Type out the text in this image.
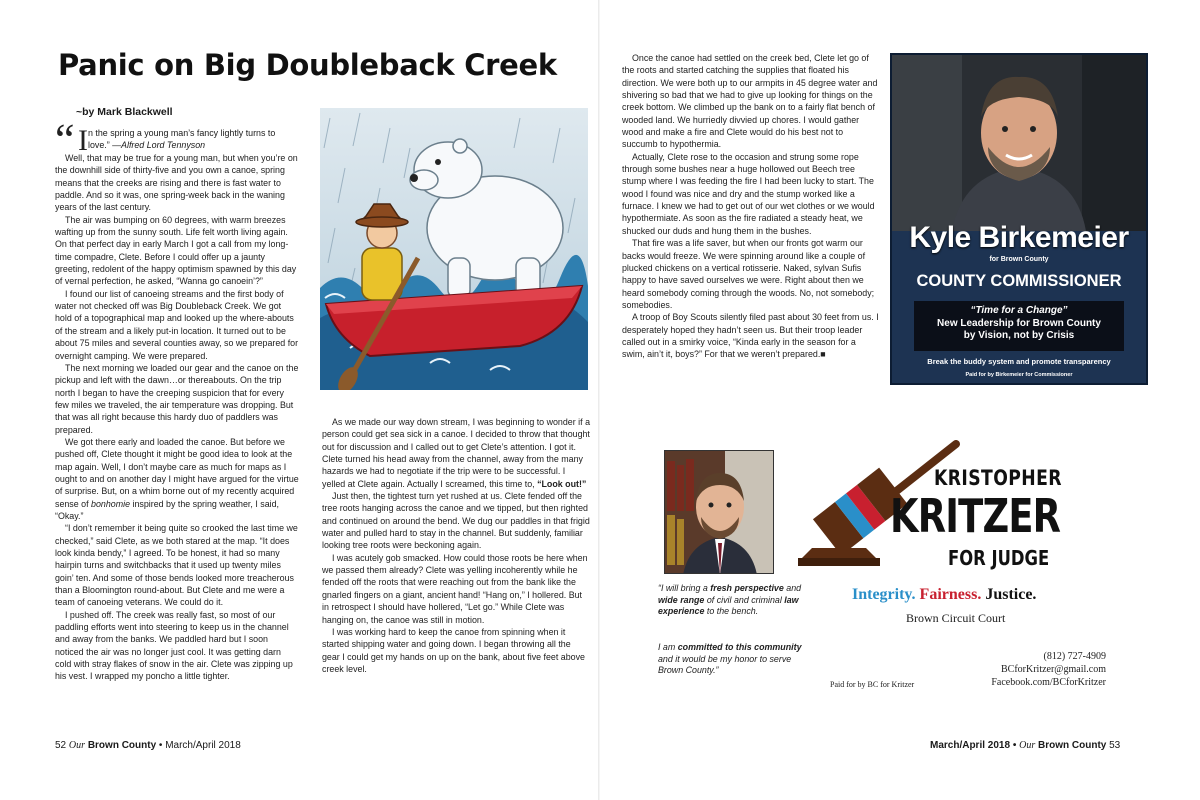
Panic on Big Doubleback Creek
~by Mark Blackwell
“ I n the spring a young man’s fancy lightly turns to love.” —Alfred Lord Tennyson

Well, that may be true for a young man, but when you’re on the downhill side of thirty-five and you own a canoe, spring means that the creeks are rising and there is fast water to paddle. And so it was, one spring-week back in the waning years of the last century.

The air was bumping on 60 degrees, with warm breezes wafting up from the sunny south. Life felt worth living again. On that perfect day in early March I got a call from my long-time compadre, Clete. Before I could offer up a jaunty greeting, redolent of the happy optimism spawned by this day of vernal perfection, he asked, “Wanna go canoein’?”

I found our list of canoeing streams and the first body of water not checked off was Big Doubleback Creek. We got hold of a topographical map and looked up the where-abouts of the stream and a likely put-in location. It turned out to be about 75 miles and several counties away, so we prepared for overnight camping. We were prepared.

The next morning we loaded our gear and the canoe on the pickup and left with the dawn…or thereabouts. On the trip north I began to have the creeping suspicion that for every few miles we traveled, the air temperature was dropping. But that was all right because this hardy duo of paddlers was prepared.

We got there early and loaded the canoe. But before we pushed off, Clete thought it might be good idea to look at the map again. Well, I don’t maybe care as much for maps as I ought to and on another day I might have argued for the virtue of surprise. But, on a whim borne out of my recently acquired sense of bonhomie inspired by the spring weather, I said, “Okay.”

“I don’t remember it being quite so crooked the last time we checked,” said Clete, as we both stared at the map. “It does look kinda bendy,” I agreed. To be honest, it had so many hairpin turns and switchbacks that it used up twenty miles goin’ ten. And some of those bends looked more treacherous than a Bloomington round-about. But Clete and me were a team of canoeing veterans. We could do it.

I pushed off. The creek was really fast, so most of our paddling efforts went into steering to keep us in the channel and away from the banks. We paddled hard but I soon noticed the air was no longer just cool. It was getting darn cold with stray flakes of snow in the air. Clete was zipping up his vest. I wrapped my poncho a little tighter.

As we made our way down stream, I was beginning to wonder if a person could get sea sick in a canoe. I decided to throw that thought out for discussion and I called out to get Clete’s attention. I got it. Clete turned his head away from the channel, away from the many hazards we had to negotiate if the trip were to be successful. I yelled at Clete again. Actually I screamed, this time to, “Look out!”

Just then, the tightest turn yet rushed at us. Clete fended off the tree roots hanging across the canoe and we tipped, but then righted and continued on around the bend. We dug our paddles in that frigid water and pulled hard to stay in the channel. But suddenly, familiar looking tree roots were beckoning again.

I was acutely gob smacked. How could those roots be here when we passed them already? Clete was yelling incoherently while he fended off the roots that were reaching out from the bank like the gnarled fingers on a giant, ancient hand! “Hang on,” I hollered. But in retrospect I should have hollered, “Let go.” While Clete was hanging on, the canoe was still in motion.

I was working hard to keep the canoe from spinning when it started shipping water and going down. I began throwing all the gear I could get my hands on up on the bank, about five feet above creek level.

52 Our Brown County • March/April 2018

Once the canoe had settled on the creek bed, Clete let go of the roots and started catching the supplies that floated his direction. We were both up to our armpits in 45 degree water and shivering so bad that we had to give up looking for things on the creek bottom. We climbed up the bank on to a fairly flat bench of wooded land. We hurriedly divvied up chores. I would gather wood and make a fire and Clete would do his best not to succumb to hypothermia.

Actually, Clete rose to the occasion and strung some rope through some bushes near a huge hollowed out Beech tree stump where I was feeding the fire I had been lucky to start. The wood I found was nice and dry and the stump worked like a furnace. I knew we had to get out of our wet clothes or we would hypothermiate. As soon as the fire radiated a steady heat, we shucked our duds and hung them in the bushes.

That fire was a life saver, but when our fronts got warm our backs would freeze. We were spinning around like a couple of plucked chickens on a vertical rotisserie. Naked, sylvan Sufis happy to have saved ourselves we were. Right about then we heard somebody coming through the woods. No, not somebody; somebodies.

A troop of Boy Scouts silently filed past about 30 feet from us. I desperately hoped they hadn’t seen us. But their troop leader called out in a smirky voice, “Kinda early in the season for a swim, ain’t it, boys?” For that we weren’t prepared.■

Kyle Birkemeier
for Brown County
COUNTY COMMISSIONER
“Time for a Change”
New Leadership for Brown County
by Vision, not by Crisis
Break the buddy system and promote transparency
Paid for by Birkemeier for Commissioner
KRISTOPHER
KRITZER
FOR JUDGE
Integrity. Fairness. Justice.
Brown Circuit Court
“I will bring a fresh perspective and wide range of civil and criminal law experience to the bench.
I am committed to this community and it would be my honor to serve Brown County.”
(812) 727-4909
BCforKritzer@gmail.com
Facebook.com/BCforKritzer
Paid for by BC for Kritzer
March/April 2018 • Our Brown County 53
